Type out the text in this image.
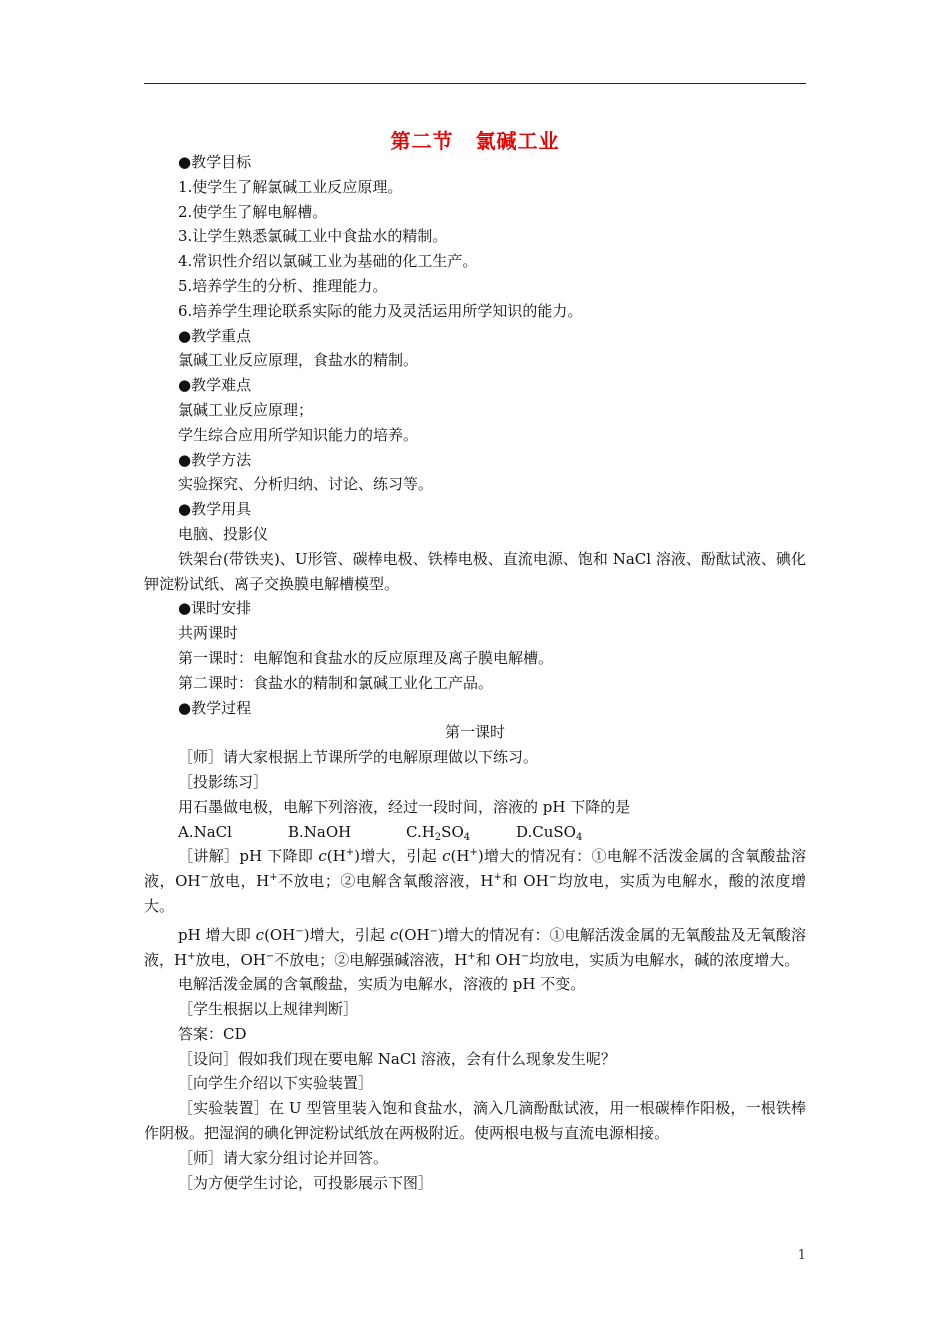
第二节 氯碱工业
●教学目标
1.使学生了解氯碱工业反应原理。
2.使学生了解电解槽。
3.让学生熟悉氯碱工业中食盐水的精制。
4.常识性介绍以氯碱工业为基础的化工生产。
5.培养学生的分析、推理能力。
6.培养学生理论联系实际的能力及灵活运用所学知识的能力。
●教学重点
氯碱工业反应原理，食盐水的精制。
●教学难点
氯碱工业反应原理；
学生综合应用所学知识能力的培养。
●教学方法
实验探究、分析归纳、讨论、练习等。
●教学用具
电脑、投影仪
铁架台(带铁夹)、U形管、碳棒电极、铁棒电极、直流电源、饱和 NaCl 溶液、酚酞试液、碘化钾淀粉试纸、离子交换膜电解槽模型。
●课时安排
共两课时
第一课时：电解饱和食盐水的反应原理及离子膜电解槽。
第二课时：食盐水的精制和氯碱工业化工产品。
●教学过程
第一课时
［师］请大家根据上节课所学的电解原理做以下练习。
［投影练习］
用石墨做电极，电解下列溶液，经过一段时间，溶液的 pH 下降的是
A.NaCl	B.NaOH	$C.H_2SO_4$	D.CuSO$_4$
［讲解］pH 下降即 c(H+)增大，引起 c(H+)增大的情况有：①电解不活泼金属的含氧酸盐溶液，OH−放电，H+不放电；②电解含氧酸溶液，H+和 OH−均放电，实质为电解水，酸的浓度增大。
pH 增大即 c(OH−)增大，引起 c(OH−)增大的情况有：①电解活泼金属的无氧酸盐及无氧酸溶液，H+放电，OH−不放电；②电解强碱溶液，H+和 OH−均放电，实质为电解水，碱的浓度增大。
电解活泼金属的含氧酸盐，实质为电解水，溶液的 pH 不变。
［学生根据以上规律判断］
答案：CD
［设问］假如我们现在要电解 NaCl 溶液，会有什么现象发生呢？
［向学生介绍以下实验装置］
［实验装置］在 U 型管里装入饱和食盐水，滴入几滴酚酞试液，用一根碳棒作阳极，一根铁棒作阴极。把湿润的碘化钾淀粉试纸放在两极附近。使两根电极与直流电源相接。
［师］请大家分组讨论并回答。
［为方便学生讨论，可投影展示下图］
1
